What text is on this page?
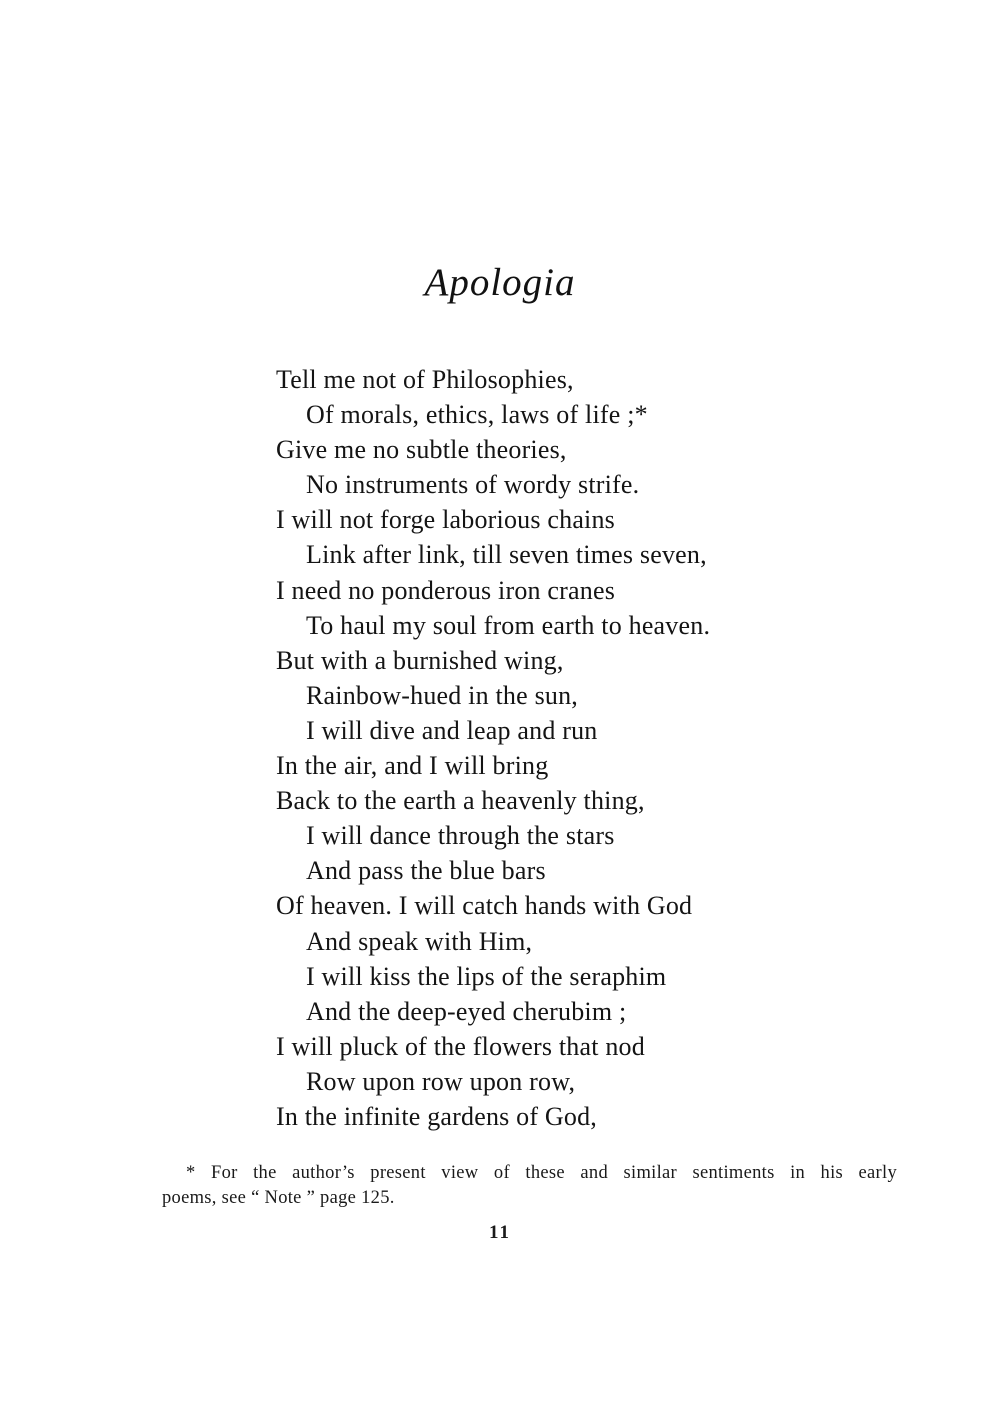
Apologia
Tell me not of Philosophies,
Of morals, ethics, laws of life ;*
Give me no subtle theories,
No instruments of wordy strife.
I will not forge laborious chains
Link after link, till seven times seven,
I need no ponderous iron cranes
To haul my soul from earth to heaven.
But with a burnished wing,
Rainbow-hued in the sun,
I will dive and leap and run
In the air, and I will bring
Back to the earth a heavenly thing,
I will dance through the stars
And pass the blue bars
Of heaven. I will catch hands with God
And speak with Him,
I will kiss the lips of the seraphim
And the deep-eyed cherubim ;
I will pluck of the flowers that nod
Row upon row upon row,
In the infinite gardens of God,
* For the author’s present view of these and similar sentiments in his early
poems, see “ Note ” page 125.
11
